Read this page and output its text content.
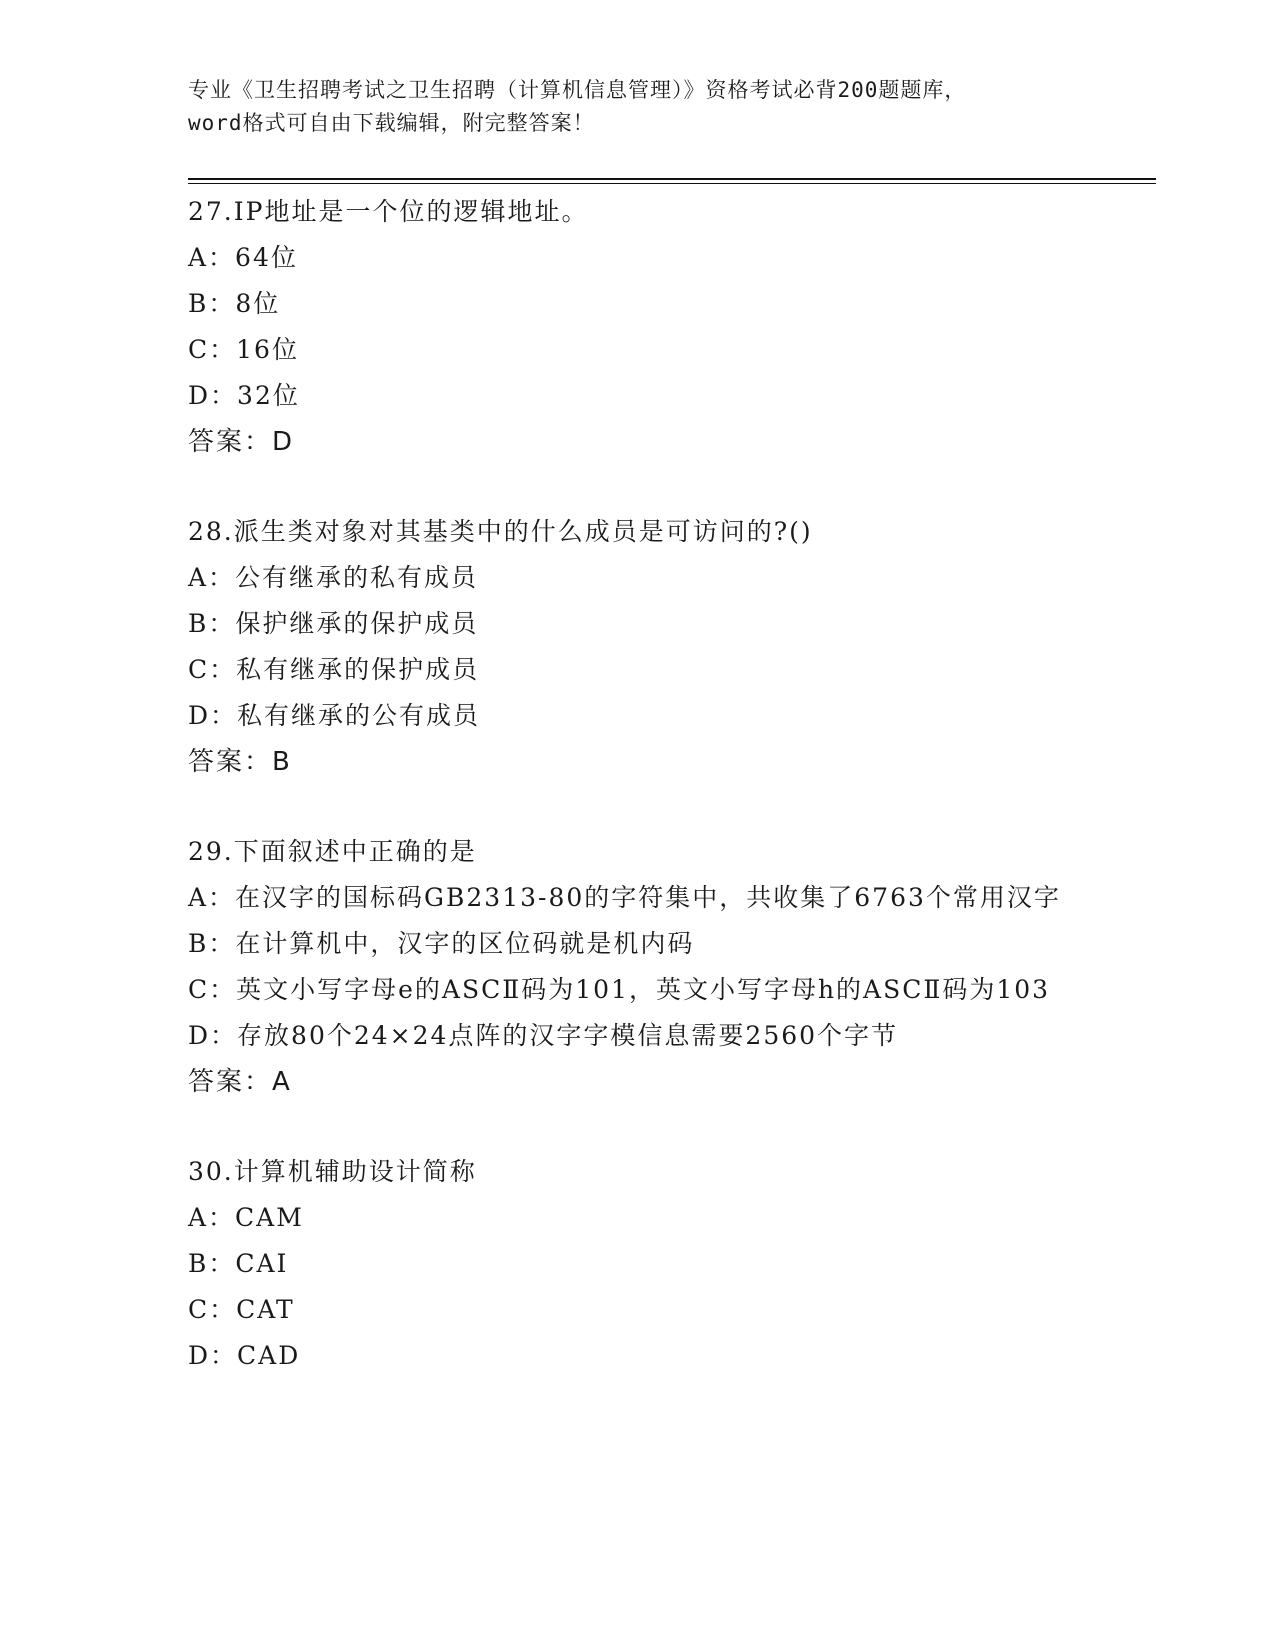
专业《卫生招聘考试之卫生招聘（计算机信息管理）》资格考试必背200题题库，
word格式可自由下载编辑，附完整答案！
27.IP地址是一个位的逻辑地址。
A：64位
B：8位
C：16位
D：32位
答案：D
28.派生类对象对其基类中的什么成员是可访问的?()
A：公有继承的私有成员
B：保护继承的保护成员
C：私有继承的保护成员
D：私有继承的公有成员
答案：B
29.下面叙述中正确的是
A：在汉字的国标码GB2313-80的字符集中，共收集了6763个常用汉字
B：在计算机中，汉字的区位码就是机内码
C：英文小写字母e的ASCⅡ码为101，英文小写字母h的ASCⅡ码为103
D：存放80个24×24点阵的汉字字模信息需要2560个字节
答案：A
30.计算机辅助设计简称
A：CAM
B：CAI
C：CAT
D：CAD
